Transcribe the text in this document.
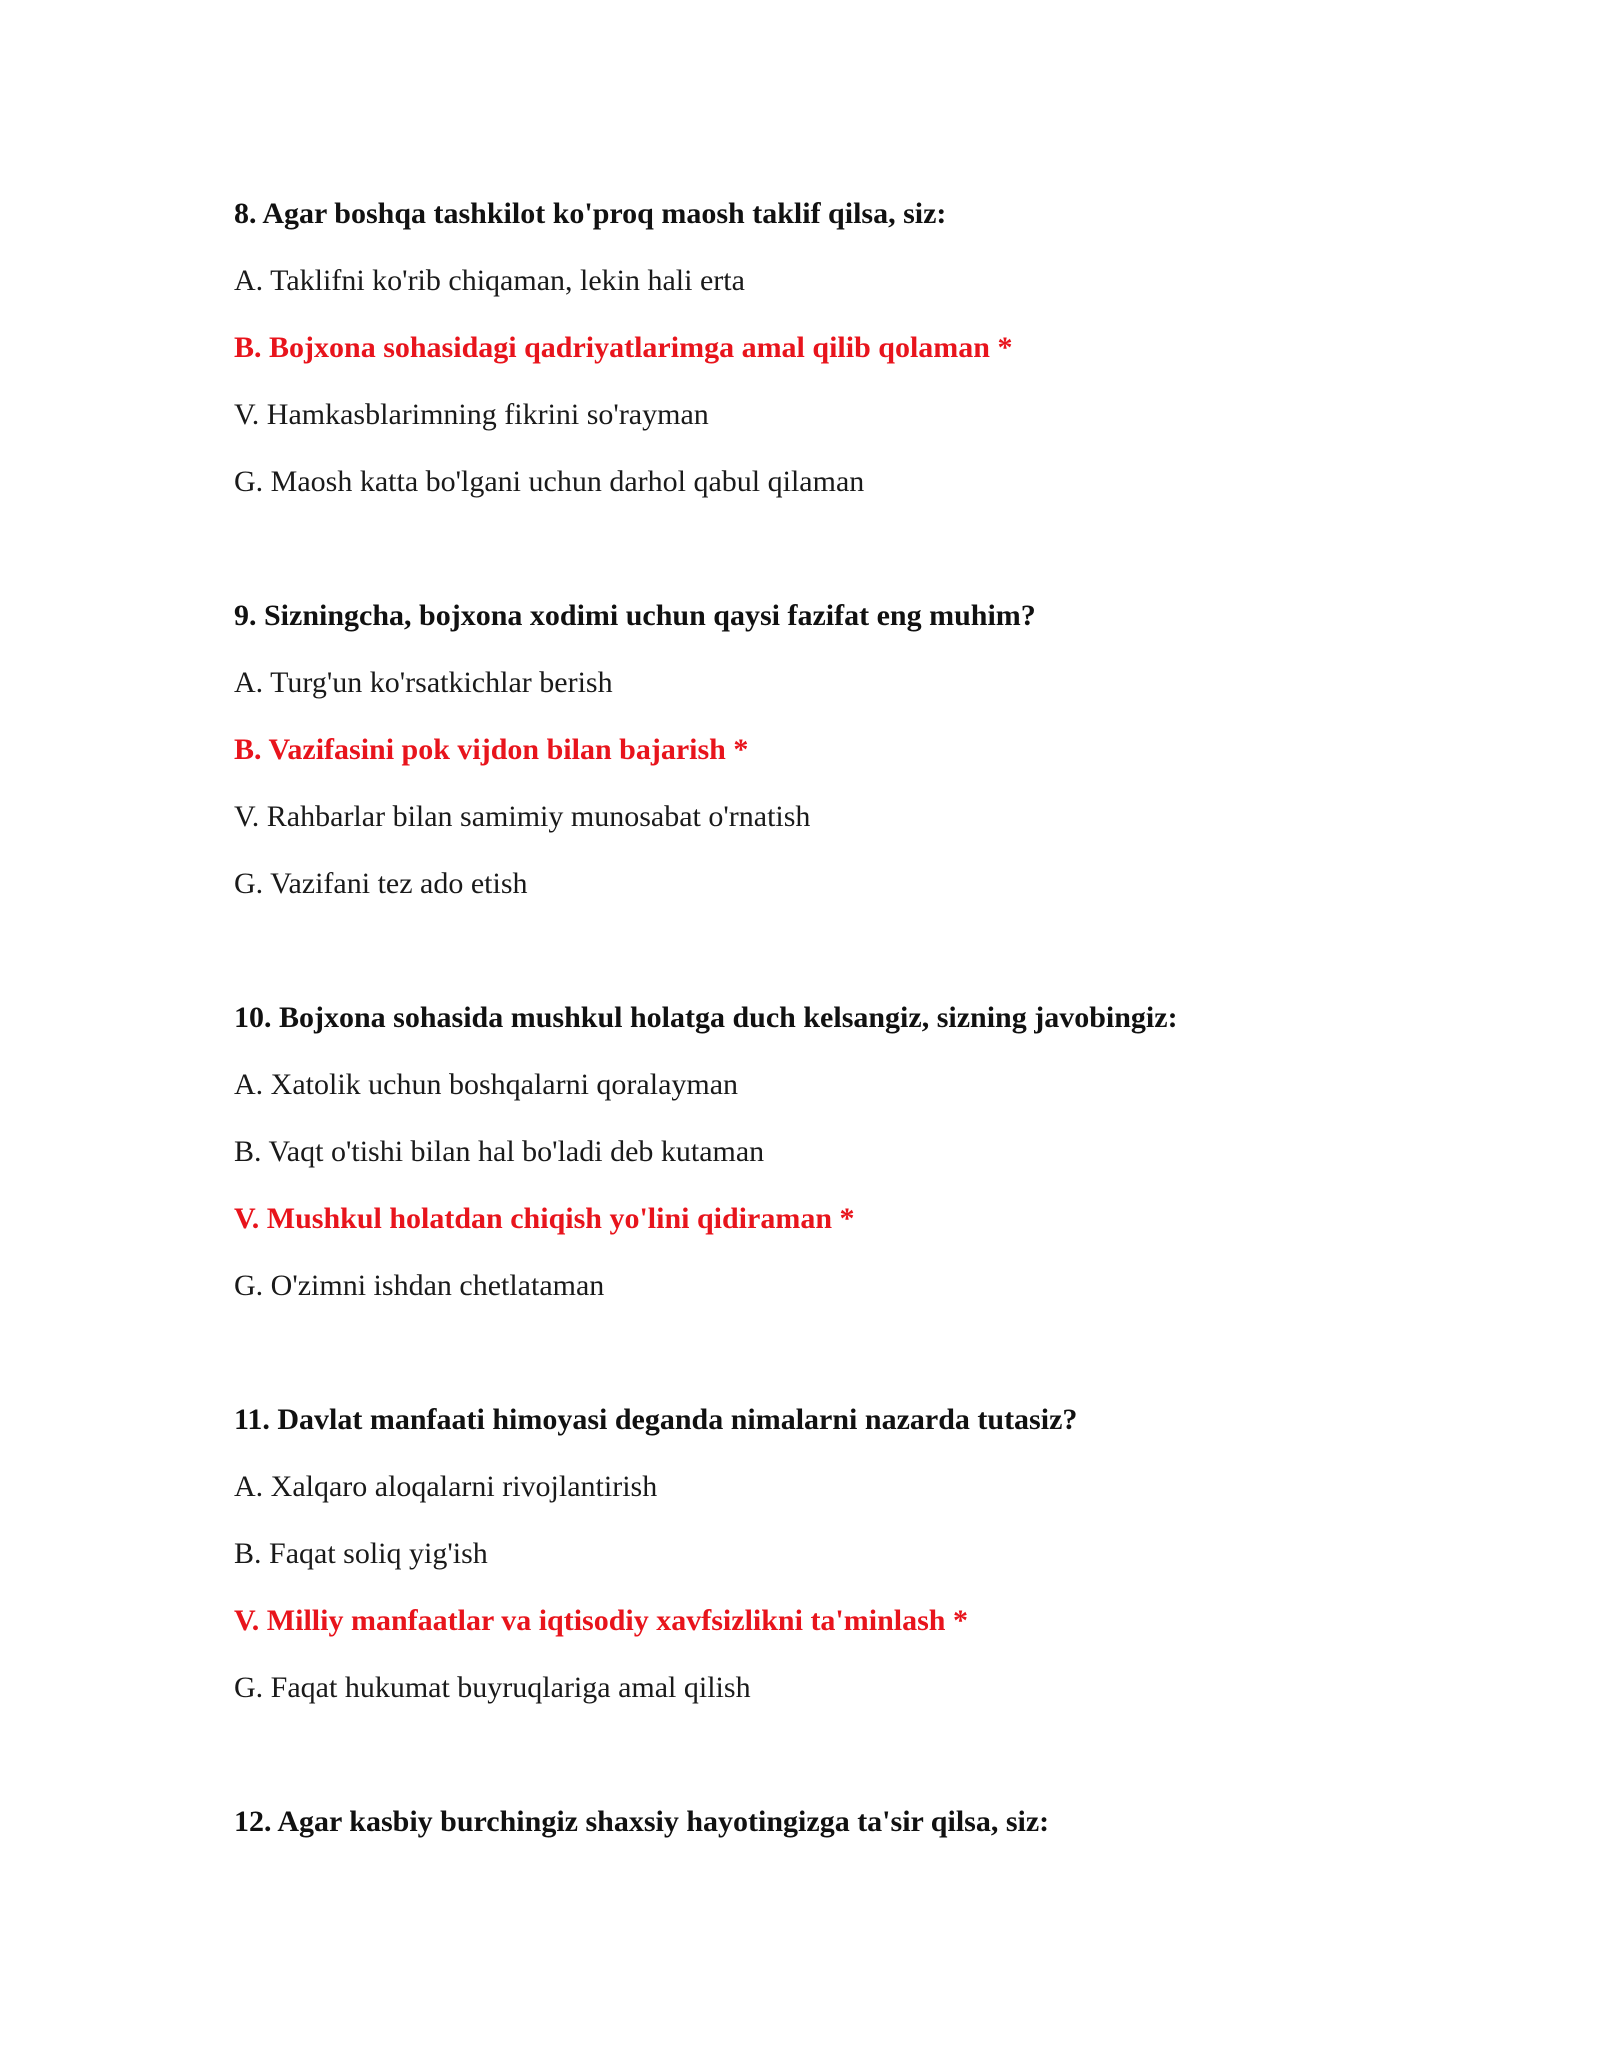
8. Agar boshqa tashkilot ko'proq maosh taklif qilsa, siz:

A. Taklifni ko'rib chiqaman, lekin hali erta

B. Bojxona sohasidagi qadriyatlarimga amal qilib qolaman *

V. Hamkasblarimning fikrini so'rayman

G. Maosh katta bo'lgani uchun darhol qabul qilaman

9. Sizningcha, bojxona xodimi uchun qaysi fazifat eng muhim?

A. Turg'un ko'rsatkichlar berish

B. Vazifasini pok vijdon bilan bajarish *

V. Rahbarlar bilan samimiy munosabat o'rnatish

G. Vazifani tez ado etish

10. Bojxona sohasida mushkul holatga duch kelsangiz, sizning javobingiz:

A. Xatolik uchun boshqalarni qoralayman

B. Vaqt o'tishi bilan hal bo'ladi deb kutaman

V. Mushkul holatdan chiqish yo'lini qidiraman *

G. O'zimni ishdan chetlataman

11. Davlat manfaati himoyasi deganda nimalarni nazarda tutasiz?

A. Xalqaro aloqalarni rivojlantirish

B. Faqat soliq yig'ish

V. Milliy manfaatlar va iqtisodiy xavfsizlikni ta'minlash *

G. Faqat hukumat buyruqlariga amal qilish

12. Agar kasbiy burchingiz shaxsiy hayotingizga ta'sir qilsa, siz:
